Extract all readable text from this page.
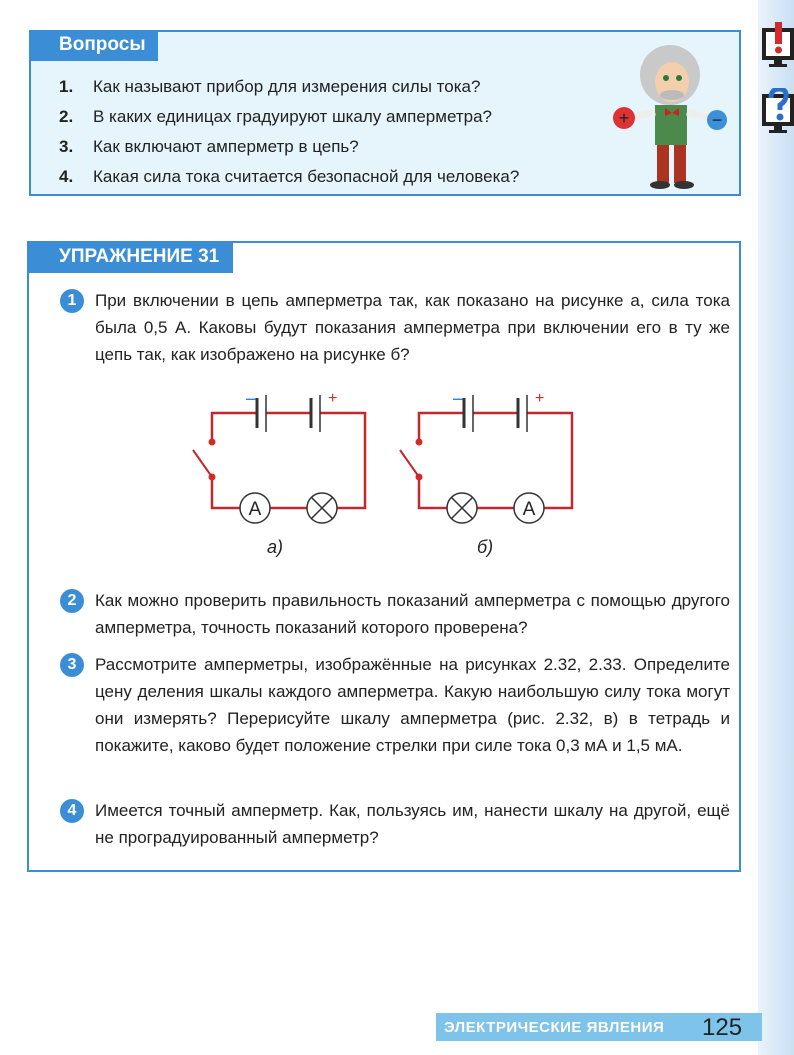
Вопросы
1.	Как называют прибор для измерения силы тока?
2.	В каких единицах градуируют шкалу амперметра?
3.	Как включают амперметр в цепь?
4.	Какая сила тока считается безопасной для человека?
+	−
УПРАЖНЕНИЕ 31
1	При включении в цепь амперметра так, как показано на рисунке а, сила тока была 0,5 А. Каковы будут показания амперметра при включении его в ту же цепь так, как изображено на рисунке б?
2	Как можно проверить правильность показаний амперметра с помощью другого амперметра, точность показаний которого проверена?
3	Рассмотрите амперметры, изображённые на рисунках 2.32, 2.33. Определите цену деления шкалы каждого амперметра. Какую наибольшую силу тока могут они измерять? Перерисуйте шкалу амперметра (рис. 2.32, в) в тетрадь и покажите, каково будет положение стрелки при силе тока 0,3 мА и 1,5 мА.
4	Имеется точный амперметр. Как, пользуясь им, нанести шкалу на другой, ещё не проградуированный амперметр?
A	A
−	+	−	+
а)	б)
ЭЛЕКТРИЧЕСКИЕ ЯВЛЕНИЯ 125
